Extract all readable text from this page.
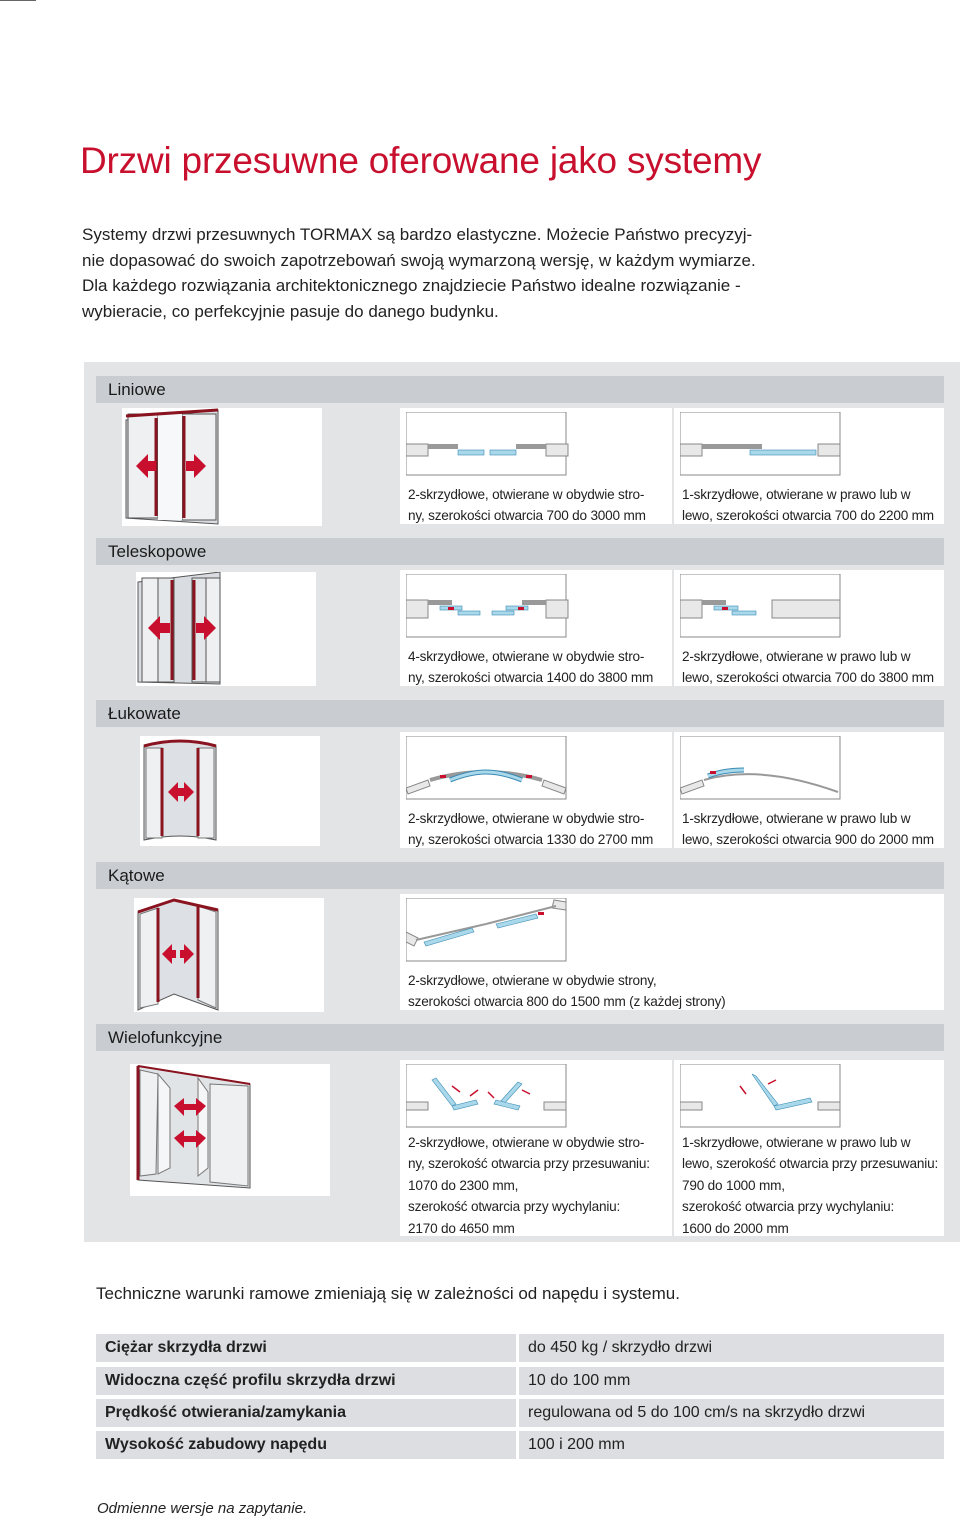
Drzwi przesuwne oferowane jako systemy

Systemy drzwi przesuwnych TORMAX są bardzo elastyczne. Możecie Państwo precyzyj-
nie dopasować do swoich zapotrzebowań swoją wymarzoną wersję, w każdym wymiarze.
Dla każdego rozwiązania architektonicznego znajdziecie Państwo idealne rozwiązanie -
wybieracie, co perfekcyjnie pasuje do danego budynku.

Liniowe
2-skrzydłowe, otwierane w obydwie stro-
ny, szerokości otwarcia 700 do 3000 mm
1-skrzydłowe, otwierane w prawo lub w
lewo, szerokości otwarcia 700 do 2200 mm
Teleskopowe
4-skrzydłowe, otwierane w obydwie stro-
ny, szerokości otwarcia 1400 do 3800 mm
2-skrzydłowe, otwierane w prawo lub w
lewo, szerokości otwarcia 700 do 3800 mm
Łukowate
2-skrzydłowe, otwierane w obydwie stro-
ny, szerokości otwarcia 1330 do 2700 mm
1-skrzydłowe, otwierane w prawo lub w
lewo, szerokości otwarcia 900 do 2000 mm
Kątowe
2-skrzydłowe, otwierane w obydwie strony,
szerokości otwarcia 800 do 1500 mm (z każdej strony)
Wielofunkcyjne
2-skrzydłowe, otwierane w obydwie stro-
ny, szerokość otwarcia przy przesuwaniu:
1070 do 2300 mm,
szerokość otwarcia przy wychylaniu:
2170 do 4650 mm
1-skrzydłowe, otwierane w prawo lub w
lewo, szerokość otwarcia przy przesuwaniu:
790 do 1000 mm,
szerokość otwarcia przy wychylaniu:
1600 do 2000 mm

Techniczne warunki ramowe zmieniają się w zależności od napędu i systemu.

Ciężar skrzydła drzwi	do 450 kg / skrzydło drzwi
Widoczna część profilu skrzydła drzwi	10 do 100 mm
Prędkość otwierania/zamykania	regulowana od 5 do 100 cm/s na skrzydło drzwi
Wysokość zabudowy napędu	100 i 200 mm

Odmienne wersje na zapytanie.
